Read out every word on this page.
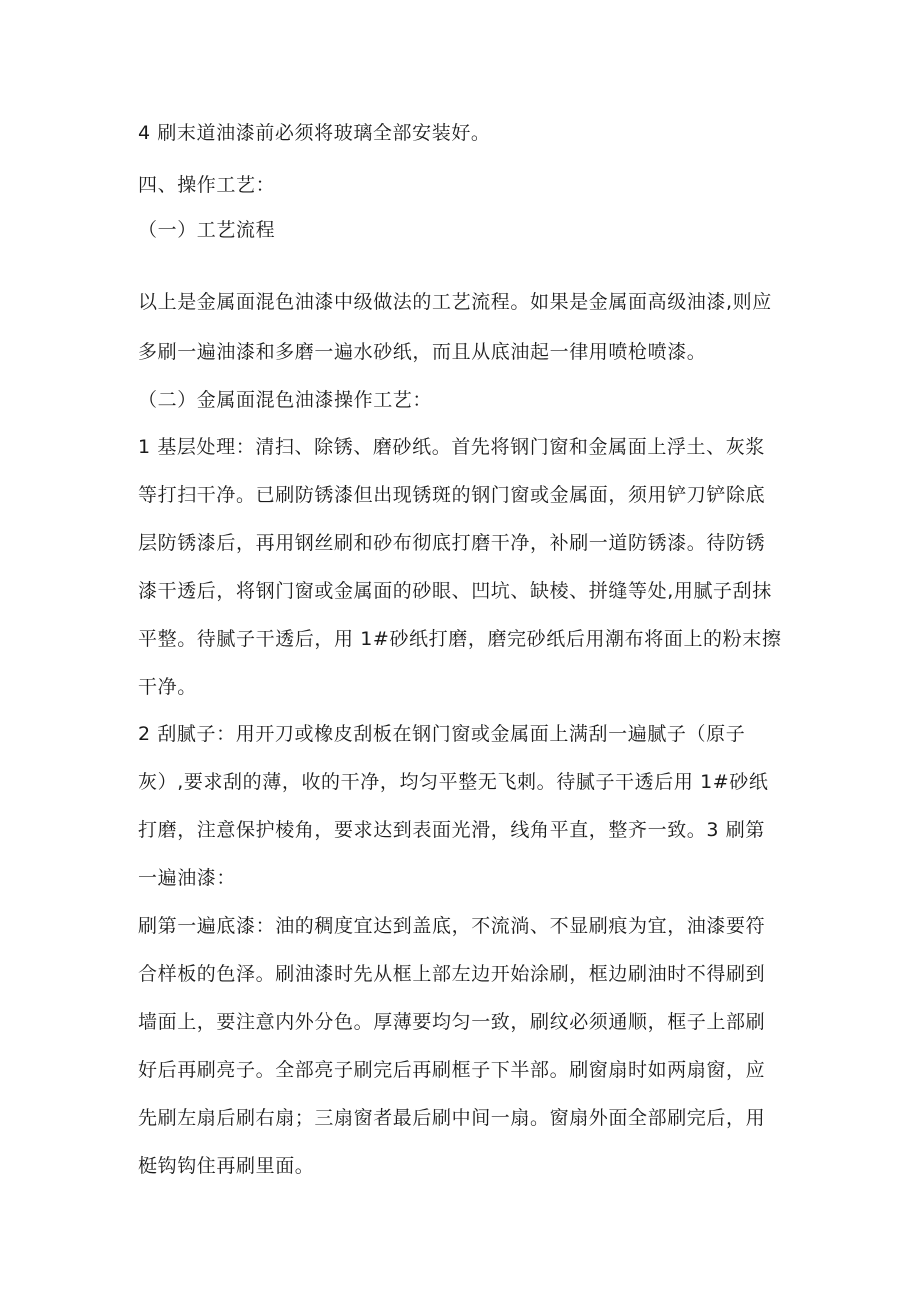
4 刷末道油漆前必须将玻璃全部安装好。
四、操作工艺：
（一）工艺流程
以上是金属面混色油漆中级做法的工艺流程。如果是金属面高级油漆,则应
多刷一遍油漆和多磨一遍水砂纸，而且从底油起一律用喷枪喷漆。
（二）金属面混色油漆操作工艺：
1 基层处理：清扫、除锈、磨砂纸。首先将钢门窗和金属面上浮土、灰浆
等打扫干净。已刷防锈漆但出现锈斑的钢门窗或金属面，须用铲刀铲除底
层防锈漆后，再用钢丝刷和砂布彻底打磨干净，补刷一道防锈漆。待防锈
漆干透后，将钢门窗或金属面的砂眼、凹坑、缺棱、拼缝等处,用腻子刮抹
平整。待腻子干透后，用 1#砂纸打磨，磨完砂纸后用潮布将面上的粉末擦
干净。
2 刮腻子：用开刀或橡皮刮板在钢门窗或金属面上满刮一遍腻子（原子
灰）,要求刮的薄，收的干净，均匀平整无飞刺。待腻子干透后用 1#砂纸
打磨，注意保护棱角，要求达到表面光滑，线角平直，整齐一致。3 刷第
一遍油漆：
刷第一遍底漆：油的稠度宜达到盖底，不流淌、不显刷痕为宜，油漆要符
合样板的色泽。刷油漆时先从框上部左边开始涂刷，框边刷油时不得刷到
墙面上，要注意内外分色。厚薄要均匀一致，刷纹必须通顺，框子上部刷
好后再刷亮子。全部亮子刷完后再刷框子下半部。刷窗扇时如两扇窗，应
先刷左扇后刷右扇；三扇窗者最后刷中间一扇。窗扇外面全部刷完后，用
梃钩钩住再刷里面。
